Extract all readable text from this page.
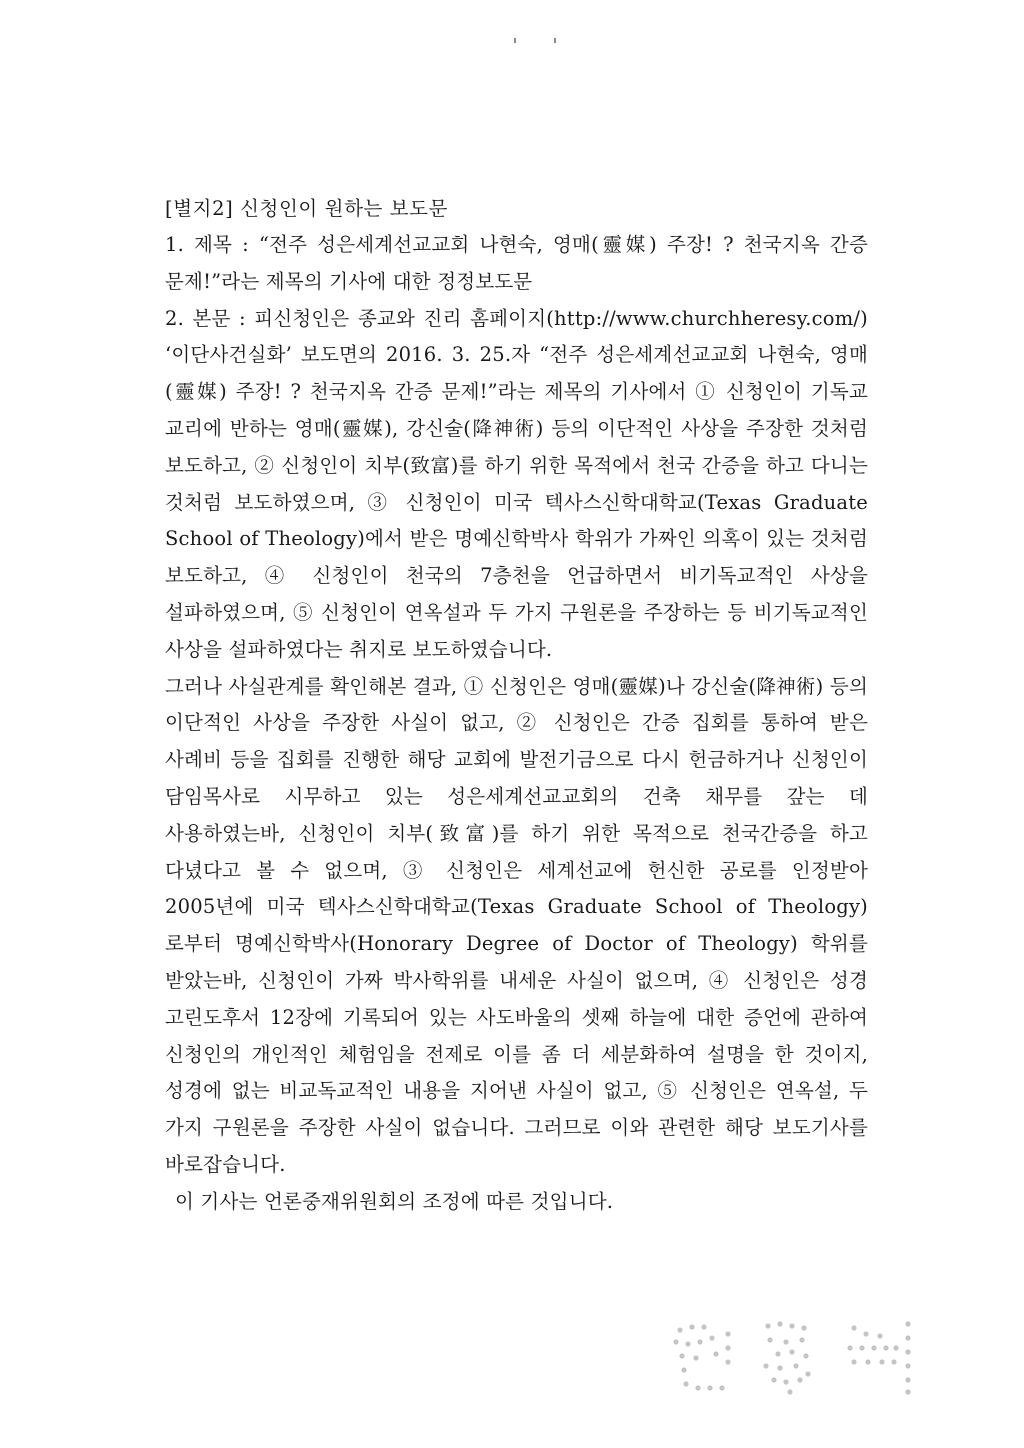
[별지2] 신청인이 원하는 보도문

1. 제목 : “전주 성은세계선교교회 나현숙, 영매(靈媒) 주장! ? 천국지옥 간증 문제!”라는 제목의 기사에 대한 정정보도문

2. 본문 : 피신청인은 종교와 진리 홈페이지(http://www.churchheresy.com/) ‘이단사건실화’ 보도면의 2016. 3. 25.자 “전주 성은세계선교교회 나현숙, 영매(靈媒) 주장! ? 천국지옥 간증 문제!”라는 제목의 기사에서 ① 신청인이 기독교 교리에 반하는 영매(靈媒), 강신술(降神術) 등의 이단적인 사상을 주장한 것처럼 보도하고, ② 신청인이 치부(致富)를 하기 위한 목적에서 천국 간증을 하고 다니는 것처럼 보도하였으며, ③ 신청인이 미국 텍사스신학대학교(Texas Graduate School of Theology)에서 받은 명예신학박사 학위가 가짜인 의혹이 있는 것처럼 보도하고, ④ 신청인이 천국의 7층천을 언급하면서 비기독교적인 사상을 설파하였으며, ⑤ 신청인이 연옥설과 두 가지 구원론을 주장하는 등 비기독교적인 사상을 설파하였다는 취지로 보도하였습니다.

그러나 사실관계를 확인해본 결과, ① 신청인은 영매(靈媒)나 강신술(降神術) 등의 이단적인 사상을 주장한 사실이 없고, ② 신청인은 간증 집회를 통하여 받은 사례비 등을 집회를 진행한 해당 교회에 발전기금으로 다시 헌금하거나 신청인이 담임목사로 시무하고 있는 성은세계선교교회의 건축 채무를 갚는 데 사용하였는바, 신청인이 치부(致富)를 하기 위한 목적으로 천국간증을 하고 다녔다고 볼 수 없으며, ③ 신청인은 세계선교에 헌신한 공로를 인정받아 2005년에 미국 텍사스신학대학교(Texas Graduate School of Theology)로부터 명예신학박사(Honorary Degree of Doctor of Theology) 학위를 받았는바, 신청인이 가짜 박사학위를 내세운 사실이 없으며, ④ 신청인은 성경 고린도후서 12장에 기록되어 있는 사도바울의 셋째 하늘에 대한 증언에 관하여 신청인의 개인적인 체험임을 전제로 이를 좀 더 세분화하여 설명을 한 것이지, 성경에 없는 비교독교적인 내용을 지어낸 사실이 없고, ⑤ 신청인은 연옥설, 두 가지 구원론을 주장한 사실이 없습니다. 그러므로 이와 관련한 해당 보도기사를 바로잡습니다.

이 기사는 언론중재위원회의 조정에 따른 것입니다.
